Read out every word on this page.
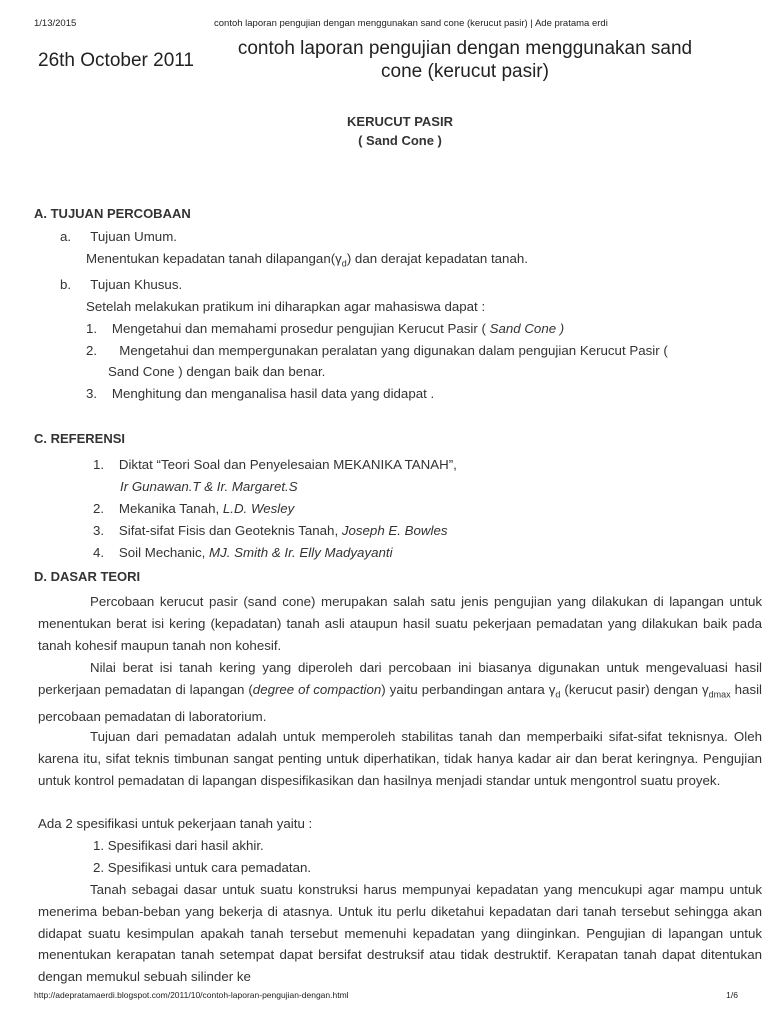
1/13/2015	contoh laporan pengujian dengan menggunakan sand cone (kerucut pasir) | Ade pratama erdi
26th October 2011
contoh laporan pengujian dengan menggunakan sand
cone (kerucut pasir)
KERUCUT PASIR
( Sand Cone )
A. TUJUAN PERCOBAAN
a. Tujuan Umum.
Menentukan kepadatan tanah $dilapangan(\gamma_d)$ dan derajat kepadatan tanah.
b. Tujuan Khusus.
Setelah melakukan pratikum ini diharapkan agar mahasiswa dapat :
1. Mengetahui dan memahami prosedur pengujian Kerucut Pasir ( Sand Cone )
2. Mengetahui dan mempergunakan peralatan yang digunakan dalam pengujian Kerucut Pasir (
Sand Cone ) dengan baik dan benar.
3. Menghitung dan menganalisa hasil data yang didapat .
C. REFERENSI
1. Diktat “Teori Soal dan Penyelesaian MEKANIKA TANAH”,
Ir Gunawan.T & Ir. Margaret.S
2. Mekanika Tanah, L.D. Wesley
3. Sifat-sifat Fisis dan Geoteknis Tanah, Joseph E. Bowles
4. Soil Mechanic, MJ. Smith & Ir. Elly Madyayanti
D. DASAR TEORI
Percobaan kerucut pasir (sand cone) merupakan salah satu jenis pengujian yang dilakukan di lapangan untuk menentukan berat isi kering (kepadatan) tanah asli ataupun hasil suatu pekerjaan pemadatan yang dilakukan baik pada tanah kohesif maupun tanah non kohesif.
Nilai berat isi tanah kering yang diperoleh dari percobaan ini biasanya digunakan untuk mengevaluasi hasil perkerjaan pemadatan di lapangan (degree of compaction) yaitu perbandingan antara $\gamma_d$ (kerucut pasir) dengan $\gamma_{dmax}$ hasil percobaan pemadatan di laboratorium.
Tujuan dari pemadatan adalah untuk memperoleh stabilitas tanah dan memperbaiki sifat-sifat teknisnya. Oleh karena itu, sifat teknis timbunan sangat penting untuk diperhatikan, tidak hanya kadar air dan berat keringnya. Pengujian untuk kontrol pemadatan di lapangan dispesifikasikan dan hasilnya menjadi standar untuk mengontrol suatu proyek.
Ada 2 spesifikasi untuk pekerjaan tanah yaitu :
1. Spesifikasi dari hasil akhir.
2. Spesifikasi untuk cara pemadatan.
Tanah sebagai dasar untuk suatu konstruksi harus mempunyai kepadatan yang mencukupi agar mampu untuk menerima beban-beban yang bekerja di atasnya. Untuk itu perlu diketahui kepadatan dari tanah tersebut sehingga akan didapat suatu kesimpulan apakah tanah tersebut memenuhi kepadatan yang diinginkan. Pengujian di lapangan untuk menentukan kerapatan tanah setempat dapat bersifat destruksif atau tidak destruktif. Kerapatan tanah dapat ditentukan dengan memukul sebuah silinder ke
http://adepratamaerdi.blogspot.com/2011/10/contoh-laporan-pengujian-dengan.html	1/6
